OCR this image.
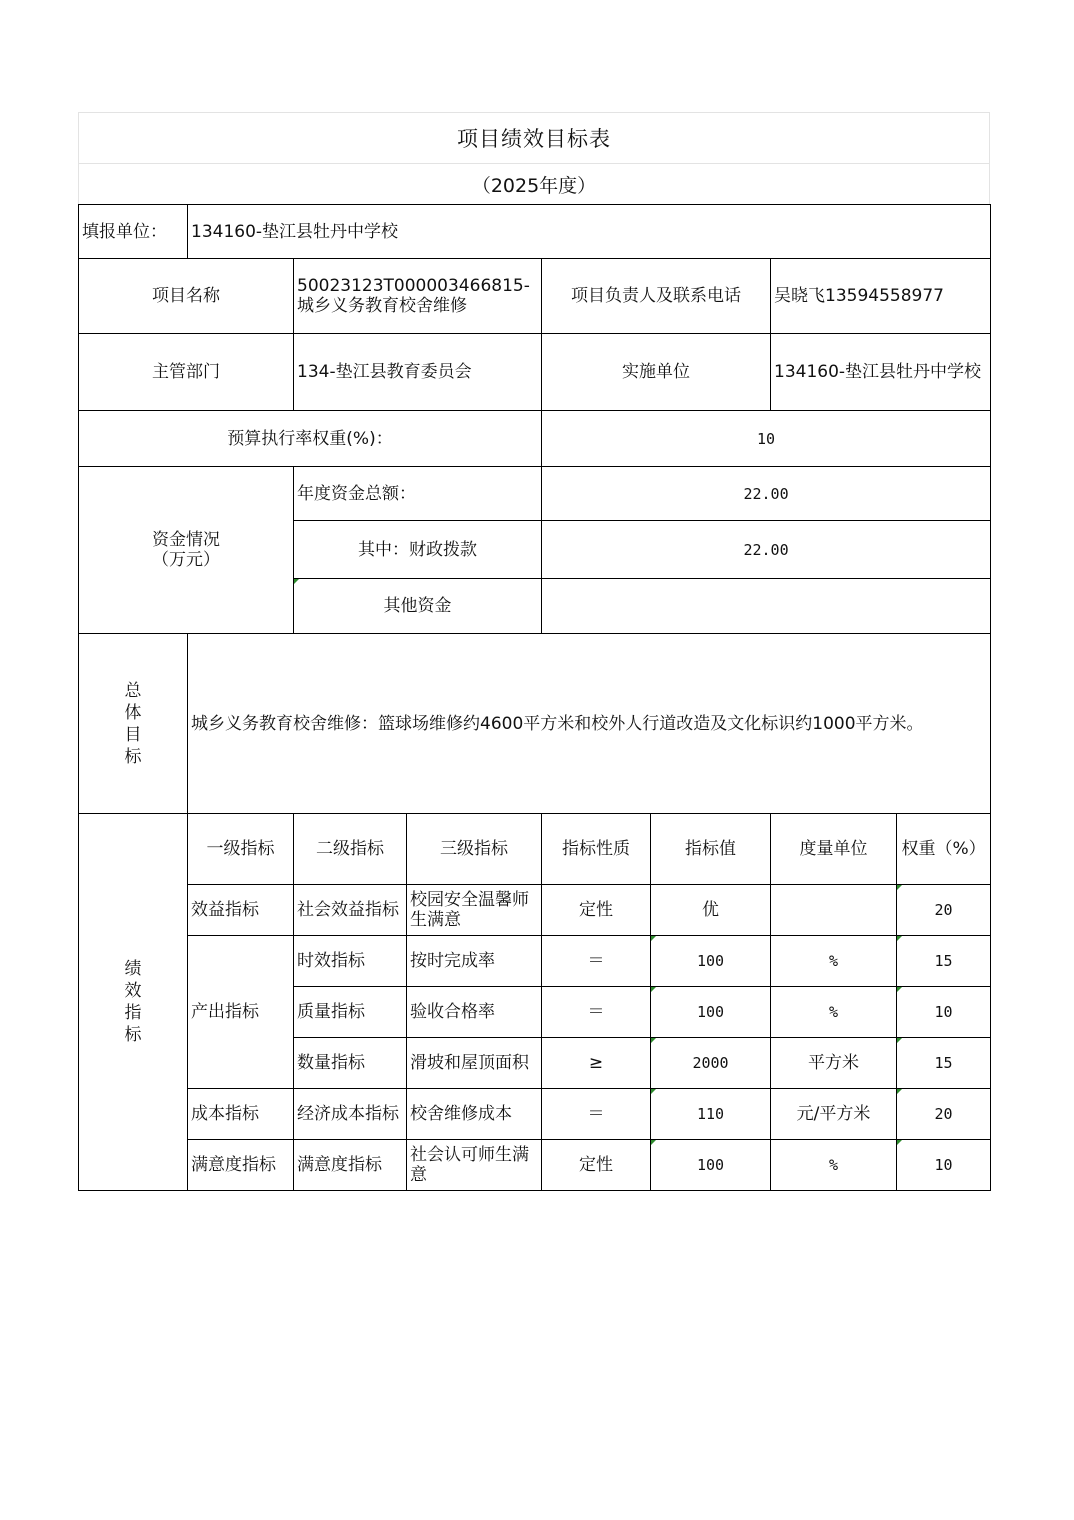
项目绩效目标表
（2025年度）
填报单位：	134160-垫江县牡丹中学校						
项目名称		50023123T000003466815-城乡义务教育校舍维修		项目负责人及联系电话		吴晓飞13594558977	
主管部门		134-垫江县教育委员会		实施单位		134160-垫江县牡丹中学校	
预算执行率权重(%)：				10			
资金情况
（万元）		年度资金总额：		22.00			
		其中：财政拨款		22.00			
		其他资金					

总
体
目
标	城乡义务教育校舍维修：篮球场维修约4600平方米和校外人行道改造及文化标识约1000平方米。						

绩
效
指
标	一级指标	二级指标	三级指标	指标性质	指标值	度量单位	权重（%）
	效益指标	社会效益指标	校园安全温馨师生满意	定性	优		20
	产出指标	时效指标	按时完成率	＝	100	%	15
		质量指标	验收合格率	＝	100	%	10
		数量指标	滑坡和屋顶面积	≥	2000	平方米	15
	成本指标	经济成本指标	校舍维修成本	＝	110	元/平方米	20
	满意度指标	满意度指标	社会认可师生满意	定性	100	%	10
